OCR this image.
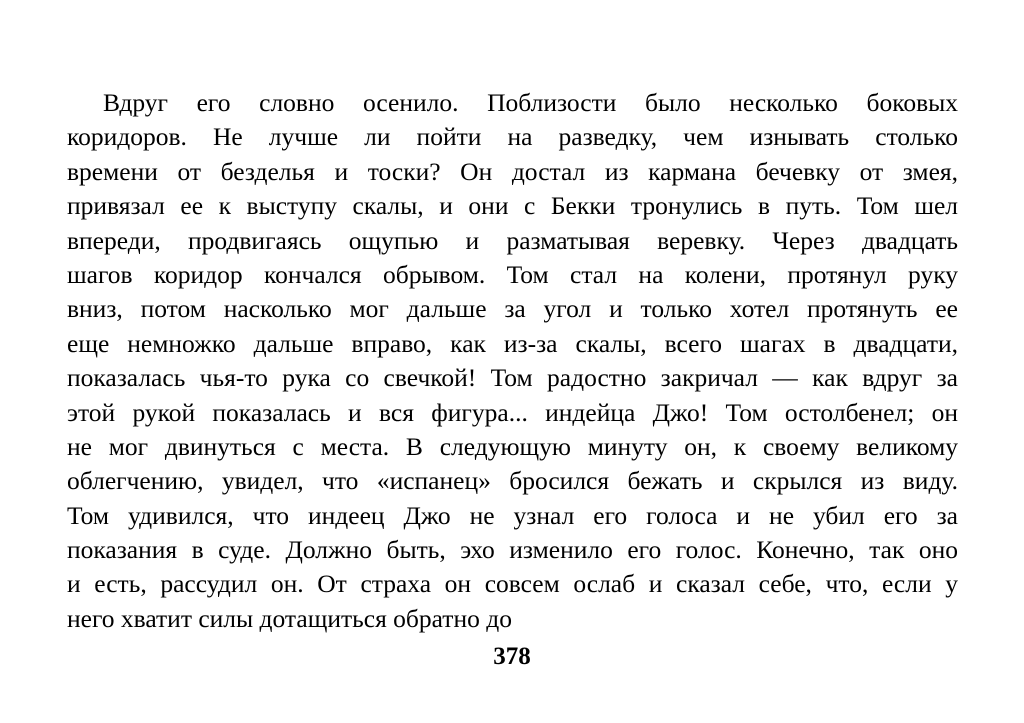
Вдруг его словно осенило. Поблизости было несколько боковых
коридоров. Не лучше ли пойти на разведку, чем изнывать столько
времени от безделья и тоски? Он достал из кармана бечевку от змея,
привязал ее к выступу скалы, и они с Бекки тронулись в путь. Том шел
впереди, продвигаясь ощупью и разматывая веревку. Через двадцать
шагов коридор кончался обрывом. Том стал на колени, протянул руку
вниз, потом насколько мог дальше за угол и только хотел протянуть ее
еще немножко дальше вправо, как из-за скалы, всего шагах в двадцати,
показалась чья-то рука со свечкой! Том радостно закричал — как вдруг за
этой рукой показалась и вся фигура... индейца Джо! Том остолбенел; он
не мог двинуться с места. В следующую минуту он, к своему великому
облегчению, увидел, что «испанец» бросился бежать и скрылся из виду.
Том удивился, что индеец Джо не узнал его голоса и не убил его за
показания в суде. Должно быть, эхо изменило его голос. Конечно, так оно
и есть, рассудил он. От страха он совсем ослаб и сказал себе, что, если у
него хватит силы дотащиться обратно до
378
